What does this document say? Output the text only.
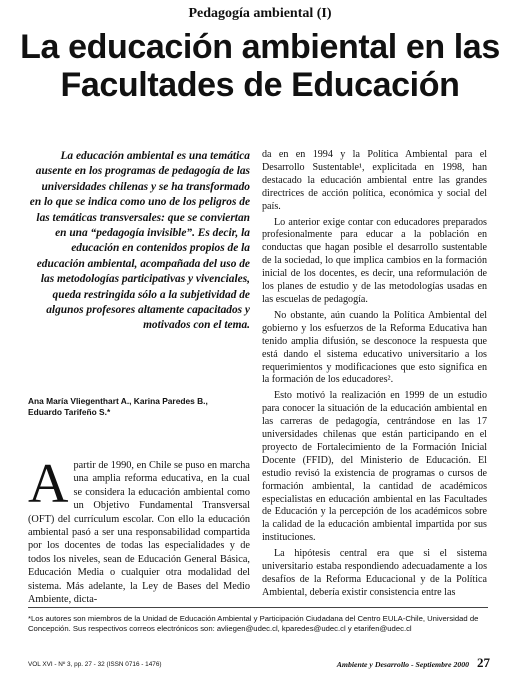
Pedagogía ambiental (I)
La educación ambiental en las
Facultades de Educación
La educación ambiental es una temática ausente en los programas de pedagogía de las universidades chilenas y se ha transformado en lo que se indica como uno de los peligros de las temáticas transversales: que se conviertan en una “pedagogía invisible”. Es decir, la educación en contenidos propios de la educación ambiental, acompañada del uso de las metodologías participativas y vivenciales, queda restringida sólo a la subjetividad de algunos profesores altamente capacitados y motivados con el tema.
Ana María Vliegenthart A., Karina Paredes B.,
Eduardo Tarifeño S.*
A partir de 1990, en Chile se puso en marcha una amplia reforma educativa, en la cual se considera la educación ambiental como un Objetivo Fundamental Transversal (OFT) del currículum escolar. Con ello la educación ambiental pasó a ser una responsabilidad compartida por los docentes de todas las especialidades y de todos los niveles, sean de Educación General Básica, Educación Media o cualquier otra modalidad del sistema. Más adelante, la Ley de Bases del Medio Ambiente, dicta-

da en en 1994 y la Política Ambiental para el Desarrollo Sustentable¹, explicitada en 1998, han destacado la educación ambiental entre las grandes directrices de acción política, económica y social del país.

Lo anterior exige contar con educadores preparados profesionalmente para educar a la población en conductas que hagan posible el desarrollo sustentable de la sociedad, lo que implica cambios en la formación inicial de los docentes, es decir, una reformulación de los planes de estudio y de las metodologías usadas en las escuelas de pedagogía.

No obstante, aún cuando la Política Ambiental del gobierno y los esfuerzos de la Reforma Educativa han tenido amplia difusión, se desconoce la respuesta que está dando el sistema educativo universitario a los requerimientos y modificaciones que esto significa en la formación de los educadores².

Esto motivó la realización en 1999 de un estudio para conocer la situación de la educación ambiental en las carreras de pedagogía, centrándose en las 17 universidades chilenas que están participando en el proyecto de Fortalecimiento de la Formación Inicial Docente (FFID), del Ministerio de Educación. El estudio revisó la existencia de programas o cursos de formación ambiental, la cantidad de académicos especialistas en educación ambiental en las Facultades de Educación y la percepción de los académicos sobre la calidad de la educación ambiental impartida por sus instituciones.

La hipótesis central era que si el sistema universitario estaba respondiendo adecuadamente a los desafíos de la Reforma Educacional y de la Política Ambiental, debería existir consistencia entre las

*Los autores son miembros de la Unidad de Educación Ambiental y Participación Ciudadana del Centro EULA-Chile, Universidad de Concepción. Sus respectivos correos electrónicos son: avliegen@udec.cl, kparedes@udec.cl y etarifen@udec.cl
VOL XVI - Nº 3, pp. 27 - 32 (ISSN 0716 - 1476)	Ambiente y Desarrollo - Septiembre 2000 27
